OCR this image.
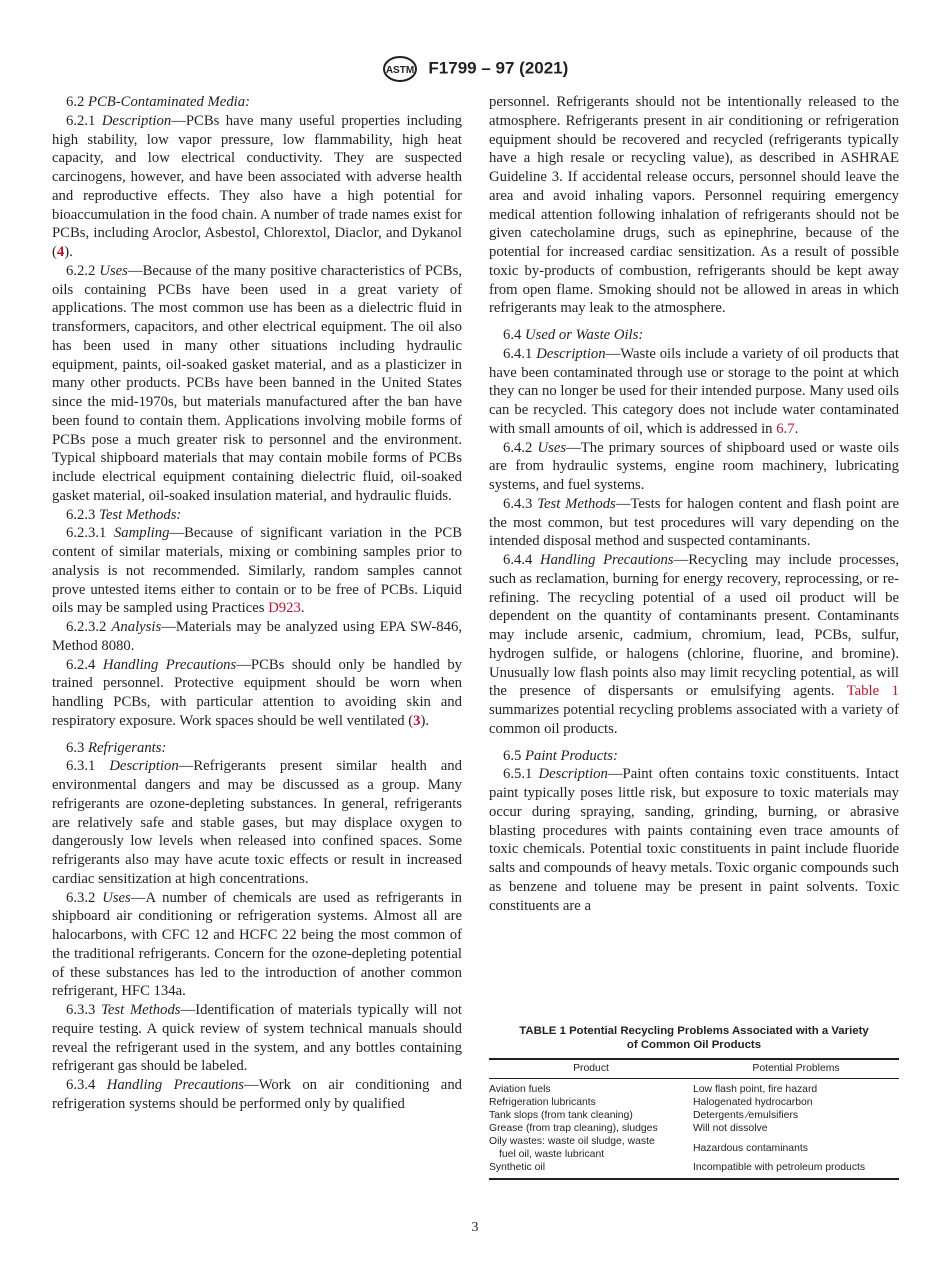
ASTM F1799 – 97 (2021)

6.2 PCB-Contaminated Media:

6.2.1 Description—PCBs have many useful properties including high stability, low vapor pressure, low flammability, high heat capacity, and low electrical conductivity. They are suspected carcinogens, however, and have been associated with adverse health and reproductive effects. They also have a high potential for bioaccumulation in the food chain. A number of trade names exist for PCBs, including Aroclor, Asbestol, Chlorextol, Diaclor, and Dykanol (4).

6.2.2 Uses—Because of the many positive characteristics of PCBs, oils containing PCBs have been used in a great variety of applications. The most common use has been as a dielectric fluid in transformers, capacitors, and other electrical equipment. The oil also has been used in many other situations including hydraulic equipment, paints, oil-soaked gasket material, and as a plasticizer in many other products. PCBs have been banned in the United States since the mid-1970s, but materials manufactured after the ban have been found to contain them. Applications involving mobile forms of PCBs pose a much greater risk to personnel and the environment. Typical shipboard materials that may contain mobile forms of PCBs include electrical equipment containing dielectric fluid, oil-soaked gasket material, oil-soaked insulation material, and hydraulic fluids.

6.2.3 Test Methods:

6.2.3.1 Sampling—Because of significant variation in the PCB content of similar materials, mixing or combining samples prior to analysis is not recommended. Similarly, random samples cannot prove untested items either to contain or to be free of PCBs. Liquid oils may be sampled using Practices D923.

6.2.3.2 Analysis—Materials may be analyzed using EPA SW-846, Method 8080.

6.2.4 Handling Precautions—PCBs should only be handled by trained personnel. Protective equipment should be worn when handling PCBs, with particular attention to avoiding skin and respiratory exposure. Work spaces should be well ventilated (3).

6.3 Refrigerants:

6.3.1 Description—Refrigerants present similar health and environmental dangers and may be discussed as a group. Many refrigerants are ozone-depleting substances. In general, refrigerants are relatively safe and stable gases, but may displace oxygen to dangerously low levels when released into confined spaces. Some refrigerants also may have acute toxic effects or result in increased cardiac sensitization at high concentrations.

6.3.2 Uses—A number of chemicals are used as refrigerants in shipboard air conditioning or refrigeration systems. Almost all are halocarbons, with CFC 12 and HCFC 22 being the most common of the traditional refrigerants. Concern for the ozone-depleting potential of these substances has led to the introduction of another common refrigerant, HFC 134a.

6.3.3 Test Methods—Identification of materials typically will not require testing. A quick review of system technical manuals should reveal the refrigerant used in the system, and any bottles containing refrigerant gas should be labeled.

6.3.4 Handling Precautions—Work on air conditioning and refrigeration systems should be performed only by qualified

personnel. Refrigerants should not be intentionally released to the atmosphere. Refrigerants present in air conditioning or refrigeration equipment should be recovered and recycled (refrigerants typically have a high resale or recycling value), as described in ASHRAE Guideline 3. If accidental release occurs, personnel should leave the area and avoid inhaling vapors. Personnel requiring emergency medical attention following inhalation of refrigerants should not be given catecholamine drugs, such as epinephrine, because of the potential for increased cardiac sensitization. As a result of possible toxic by-products of combustion, refrigerants should be kept away from open flame. Smoking should not be allowed in areas in which refrigerants may leak to the atmosphere.

6.4 Used or Waste Oils:

6.4.1 Description—Waste oils include a variety of oil products that have been contaminated through use or storage to the point at which they can no longer be used for their intended purpose. Many used oils can be recycled. This category does not include water contaminated with small amounts of oil, which is addressed in 6.7.

6.4.2 Uses—The primary sources of shipboard used or waste oils are from hydraulic systems, engine room machinery, lubricating systems, and fuel systems.

6.4.3 Test Methods—Tests for halogen content and flash point are the most common, but test procedures will vary depending on the intended disposal method and suspected contaminants.

6.4.4 Handling Precautions—Recycling may include processes, such as reclamation, burning for energy recovery, reprocessing, or re-refining. The recycling potential of a used oil product will be dependent on the quantity of contaminants present. Contaminants may include arsenic, cadmium, chromium, lead, PCBs, sulfur, hydrogen sulfide, or halogens (chlorine, fluorine, and bromine). Unusually low flash points also may limit recycling potential, as will the presence of dispersants or emulsifying agents. Table 1 summarizes potential recycling problems associated with a variety of common oil products.

6.5 Paint Products:

6.5.1 Description—Paint often contains toxic constituents. Intact paint typically poses little risk, but exposure to toxic materials may occur during spraying, sanding, grinding, burning, or abrasive blasting procedures with paints containing even trace amounts of toxic chemicals. Potential toxic constituents in paint include fluoride salts and compounds of heavy metals. Toxic organic compounds such as benzene and toluene may be present in paint solvents. Toxic constituents are a

TABLE 1 Potential Recycling Problems Associated with a Variety
of Common Oil Products
Product	Potential Problems
Aviation fuels	Low flash point, fire hazard
Refrigeration lubricants	Halogenated hydrocarbon
Tank slops (from tank cleaning)	Detergents ⁄emulsifiers
Grease (from trap cleaning), sludges	Will not dissolve
Oily wastes: waste oil sludge, waste
fuel oil, waste lubricant	Hazardous contaminants
Synthetic oil	Incompatible with petroleum products
3
